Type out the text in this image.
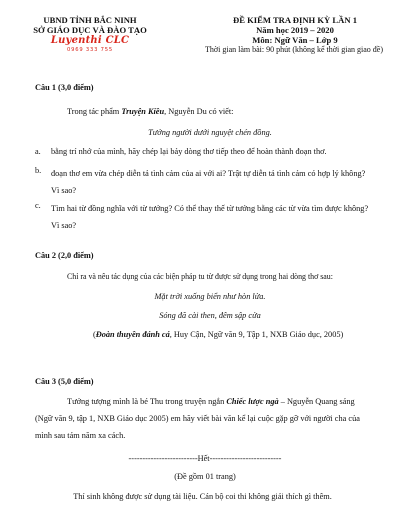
UBND TỈNH BẮC NINH
SỞ GIÁO DỤC VÀ ĐÀO TẠO
Luyenthi CLC
0969 333 755
ĐỀ KIỂM TRA ĐỊNH KỲ LẦN 1
Năm học 2019 – 2020
Môn: Ngữ Văn – Lớp 9
Thời gian làm bài: 90 phút (không kể thời gian giao đề)
Câu 1 (3,0 điểm)
Trong tác phẩm Truyện Kiều, Nguyễn Du có viết:
Tưởng người dưới nguyệt chén đồng.
a. bằng trí nhớ của mình, hãy chép lại bảy dòng thơ tiếp theo để hoàn thành đoạn thơ.
b. đoạn thơ em vừa chép diễn tả tình cảm của ai với ai? Trật tự diễn tả tình cảm có hợp lý không? Vì sao?
c. Tìm hai từ đồng nghĩa với từ tưởng? Có thể thay thế từ tưởng bằng các từ vừa tìm được không? Vì sao?
Câu 2 (2,0 điểm)
Chỉ ra và nêu tác dụng của các biện pháp tu từ được sử dụng trong hai dòng thơ sau:
Mặt trời xuống biển như hòn lửa.
Sóng đã cài then, đêm sập cửa
(Đoàn thuyền đánh cá, Huy Cận, Ngữ văn 9, Tập 1, NXB Giáo dục, 2005)
Câu 3 (5,0 điểm)
Tưởng tượng mình là bé Thu trong truyện ngắn Chiếc lược ngà – Nguyễn Quang sáng (Ngữ văn 9, tập 1, NXB Giáo dục 2005) em hãy viết bài văn kể lại cuộc gặp gỡ với người cha của mình sau tám năm xa cách.
-------------------------Hết--------------------------
(Đề gồm 01 trang)
Thí sinh không được sử dụng tài liệu. Cán bộ coi thi không giải thích gì thêm.
